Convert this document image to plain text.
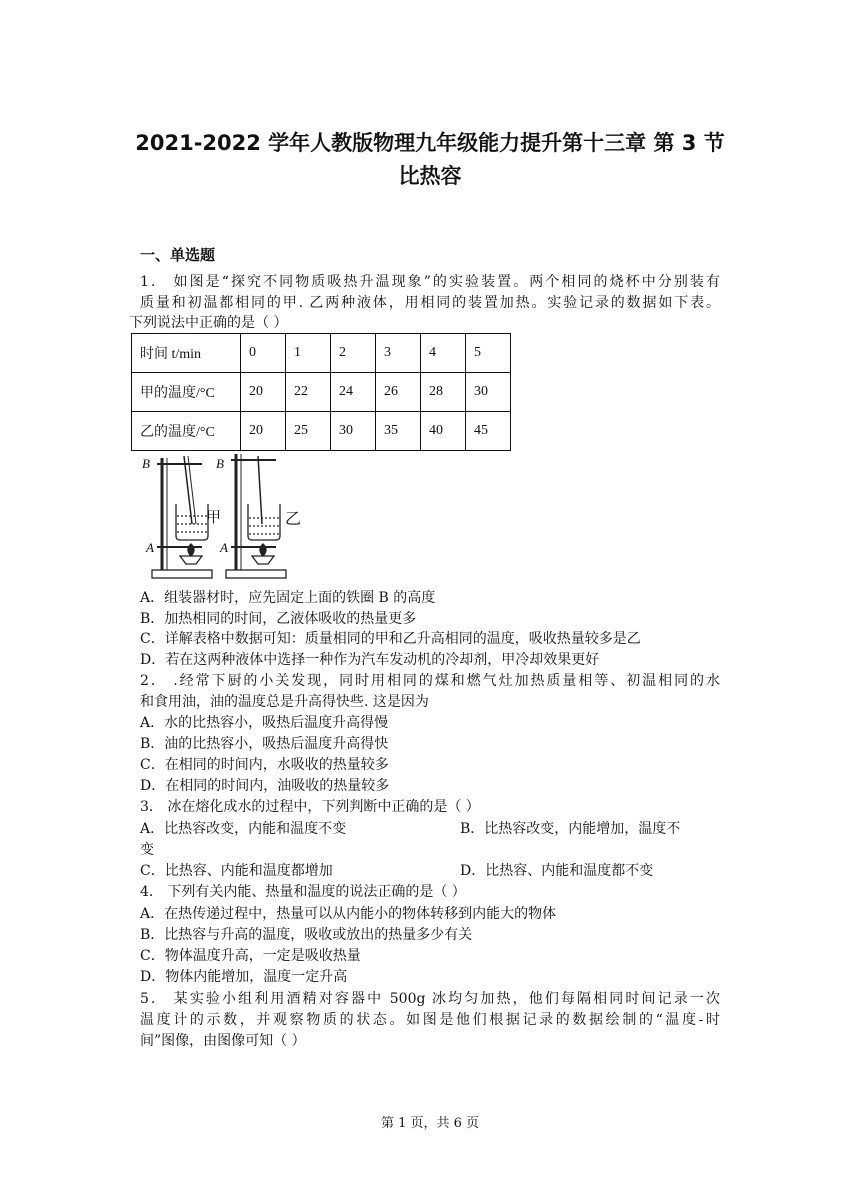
2021-2022 学年人教版物理九年级能力提升第十三章 第 3 节
比热容
一、单选题
1． 如图是“探究不同物质吸热升温现象”的实验装置。两个相同的烧杯中分别装有
质量和初温都相同的甲. 乙两种液体，用相同的装置加热。实验记录的数据如下表。
下列说法中正确的是（ ）
时间 t/min	0	1	2	3	4	5
甲的温度/°C	20	22	24	26	28	30
乙的温度/°C	20	25	30	35	40	45
B
A
甲
B
A
乙
A．组装器材时，应先固定上面的铁圈 B 的高度
B．加热相同的时间，乙液体吸收的热量更多
C．详解表格中数据可知：质量相同的甲和乙升高相同的温度，吸收热量较多是乙
D．若在这两种液体中选择一种作为汽车发动机的冷却剂，甲冷却效果更好
2． .经常下厨的小关发现，同时用相同的煤和燃气灶加热质量相等、初温相同的水
和食用油，油的温度总是升高得快些. 这是因为
A．水的比热容小，吸热后温度升高得慢
B．油的比热容小，吸热后温度升高得快
C．在相同的时间内，水吸收的热量较多
D．在相同的时间内，油吸收的热量较多
3． 冰在熔化成水的过程中，下列判断中正确的是（ ）
A．比热容改变，内能和温度不变	B．比热容改变，内能增加，温度不
变
C．比热容、内能和温度都增加	D．比热容、内能和温度都不变
4． 下列有关内能、热量和温度的说法正确的是（ ）
A．在热传递过程中，热量可以从内能小的物体转移到内能大的物体
B．比热容与升高的温度，吸收或放出的热量多少有关
C．物体温度升高，一定是吸收热量
D．物体内能增加，温度一定升高
5． 某实验小组利用酒精对容器中 500g 冰均匀加热，他们每隔相同时间记录一次
温度计的示数，并观察物质的状态。如图是他们根据记录的数据绘制的“温度-时
间”图像，由图像可知（ ）
第 1 页，共 6 页
